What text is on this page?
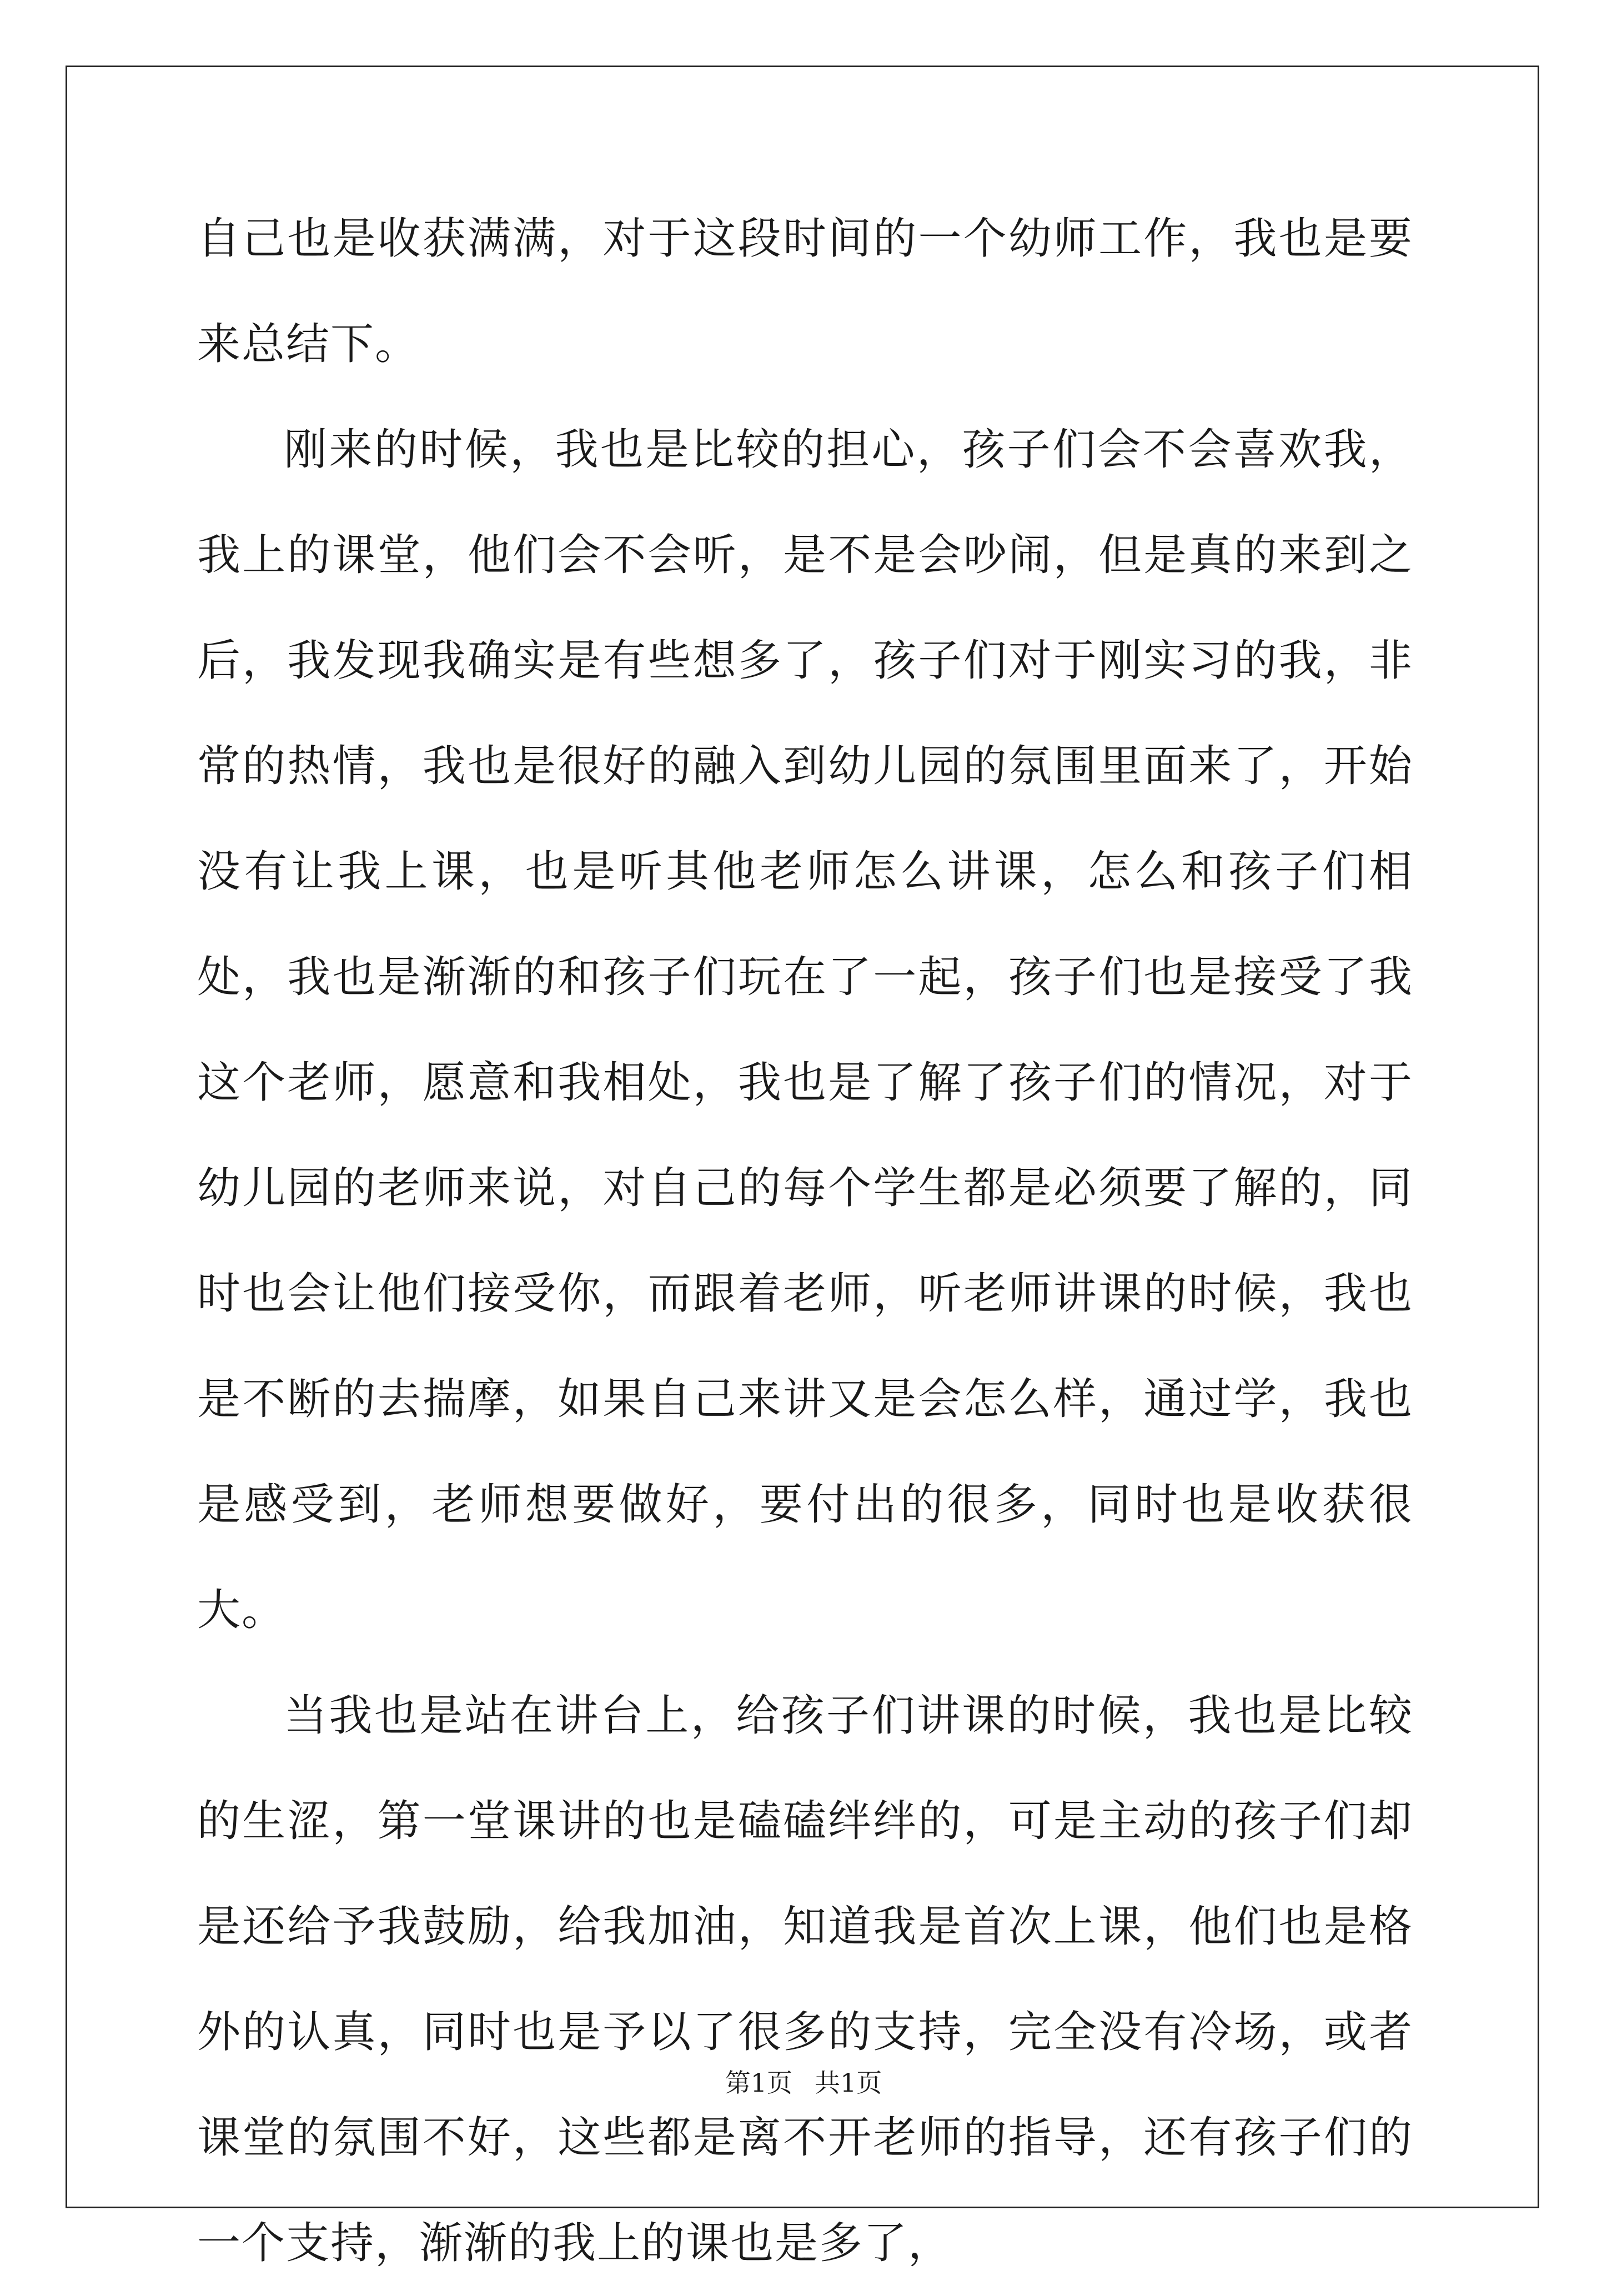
自己也是收获满满，对于这段时间的一个幼师工作，我也是要来总结下。

刚来的时候，我也是比较的担心，孩子们会不会喜欢我，我上的课堂，他们会不会听，是不是会吵闹，但是真的来到之后，我发现我确实是有些想多了，孩子们对于刚实习的我，非常的热情，我也是很好的融入到幼儿园的氛围里面来了，开始没有让我上课，也是听其他老师怎么讲课，怎么和孩子们相处，我也是渐渐的和孩子们玩在了一起，孩子们也是接受了我这个老师，愿意和我相处，我也是了解了孩子们的情况，对于幼儿园的老师来说，对自己的每个学生都是必须要了解的，同时也会让他们接受你，而跟着老师，听老师讲课的时候，我也是不断的去揣摩，如果自己来讲又是会怎么样，通过学，我也是感受到，老师想要做好，要付出的很多，同时也是收获很大。

当我也是站在讲台上，给孩子们讲课的时候，我也是比较的生涩，第一堂课讲的也是磕磕绊绊的，可是主动的孩子们却是还给予我鼓励，给我加油，知道我是首次上课，他们也是格外的认真，同时也是予以了很多的支持，完全没有冷场，或者课堂的氛围不好，这些都是离不开老师的指导，还有孩子们的一个支持，渐渐的我上的课也是多了，

第1页 共1页
